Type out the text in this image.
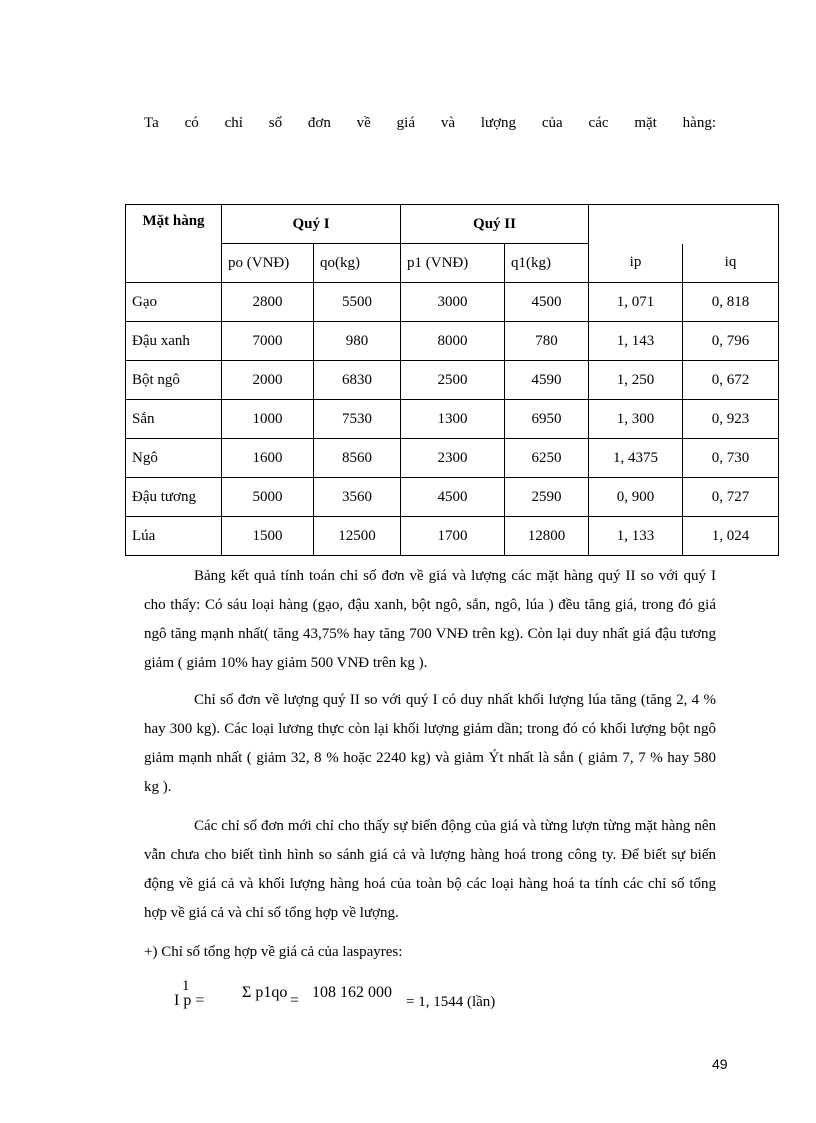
Ta có chỉ số đơn về giá và lượng của các mặt hàng:
Mặt hàng	Quý I		Quý II			
	po (VNĐ)	qo(kg)	p1 (VNĐ)	q1(kg)	ip	iq
Gạo	2800	5500	3000	4500	1, 071	0, 818
Đậu xanh	7000	980	8000	780	1, 143	0, 796
Bột ngô	2000	6830	2500	4590	1, 250	0, 672
Sắn	1000	7530	1300	6950	1, 300	0, 923
Ngô	1600	8560	2300	6250	1, 4375	0, 730
Đậu tương	5000	3560	4500	2590	0, 900	0, 727
Lúa	1500	12500	1700	12800	1, 133	1, 024
Bảng kết quả tính toán chỉ số đơn về giá và lượng các mặt hàng quý II so với quý I cho thấy: Có sáu loại hàng (gạo, đậu xanh, bột ngô, sắn, ngô, lúa ) đều tăng giá, trong đó giá ngô tăng mạnh nhất( tăng 43,75% hay tăng 700 VNĐ trên kg). Còn lại duy nhất giá đậu tương giảm ( giảm 10% hay giảm 500 VNĐ trên kg ).
Chỉ số đơn về lượng quý II so với quý I có duy nhất khối lượng lúa tăng (tăng 2, 4 % hay 300 kg). Các loại lương thực còn lại khối lượng giảm dần; trong đó có khối lượng bột ngô giảm mạnh nhất ( giảm 32, 8 % hoặc 2240 kg) và giảm Ýt nhất là sắn ( giảm 7, 7 % hay 580 kg ).
Các chỉ số đơn mới chỉ cho thấy sự biến động của giá và từng lượn từng mặt hàng nên vẫn chưa cho biết tình hình so sánh giá cả và lượng hàng hoá trong công ty. Để biết sự biến động về giá cả và khối lượng hàng hoá của toàn bộ các loại hàng hoá ta tính các chỉ số tổng hợp về giá cả và chỉ số tổng hợp về lượng.
+) Chỉ số tổng hợp về giá cả của laspayres:
1
I p = Σ p1qo = 108 162 000
= 1, 1544 (lần)
49
